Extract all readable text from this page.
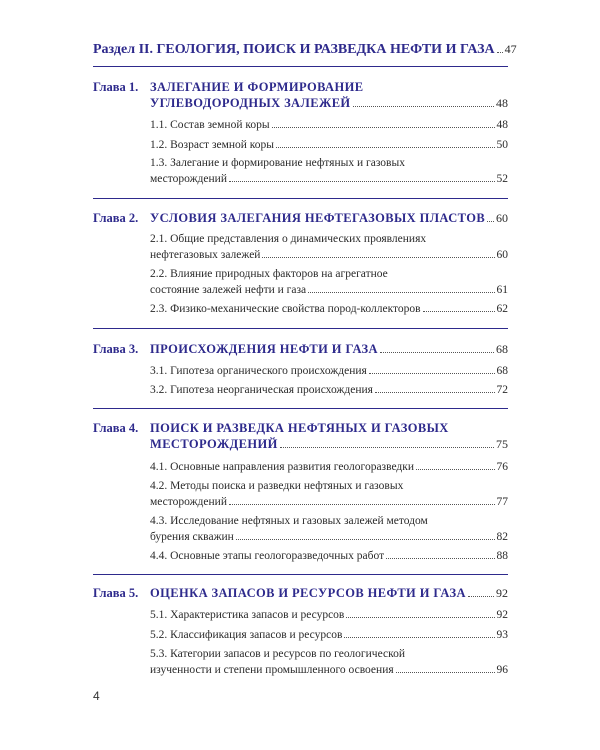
Раздел II. ГЕОЛОГИЯ, ПОИСК И РАЗВЕДКА НЕФТИ И ГАЗА 47
Глава 1. ЗАЛЕГАНИЕ И ФОРМИРОВАНИЕ
УГЛЕВОДОРОДНЫХ ЗАЛЕЖЕЙ	48
1.1. Состав земной коры	48
1.2. Возраст земной коры	50
1.3. Залегание и формирование нефтяных и газовых
месторождений	52
Глава 2. УСЛОВИЯ ЗАЛЕГАНИЯ НЕФТЕГАЗОВЫХ ПЛАСТОВ 60
2.1. Общие представления о динамических проявлениях
нефтегазовых залежей	60
2.2. Влияние природных факторов на агрегатное
состояние залежей нефти и газа	61
2.3. Физико-механические свойства пород-коллекторов	62
Глава 3. ПРОИСХОЖДЕНИЯ НЕФТИ И ГАЗА	68
3.1. Гипотеза органического происхождения	68
3.2. Гипотеза неорганическая происхождения	72
Глава 4. ПОИСК И РАЗВЕДКА НЕФТЯНЫХ И ГАЗОВЫХ
МЕСТОРОЖДЕНИЙ	75
4.1. Основные направления развития геологоразведки	76
4.2. Методы поиска и разведки нефтяных и газовых
месторождений	77
4.3. Исследование нефтяных и газовых залежей методом
бурения скважин	82
4.4. Основные этапы геологоразведочных работ	88
Глава 5. ОЦЕНКА ЗАПАСОВ И РЕСУРСОВ НЕФТИ И ГАЗА	92
5.1. Характеристика запасов и ресурсов	92
5.2. Классификация запасов и ресурсов	93
5.3. Категории запасов и ресурсов по геологической
изученности и степени промышленного освоения	96
4
